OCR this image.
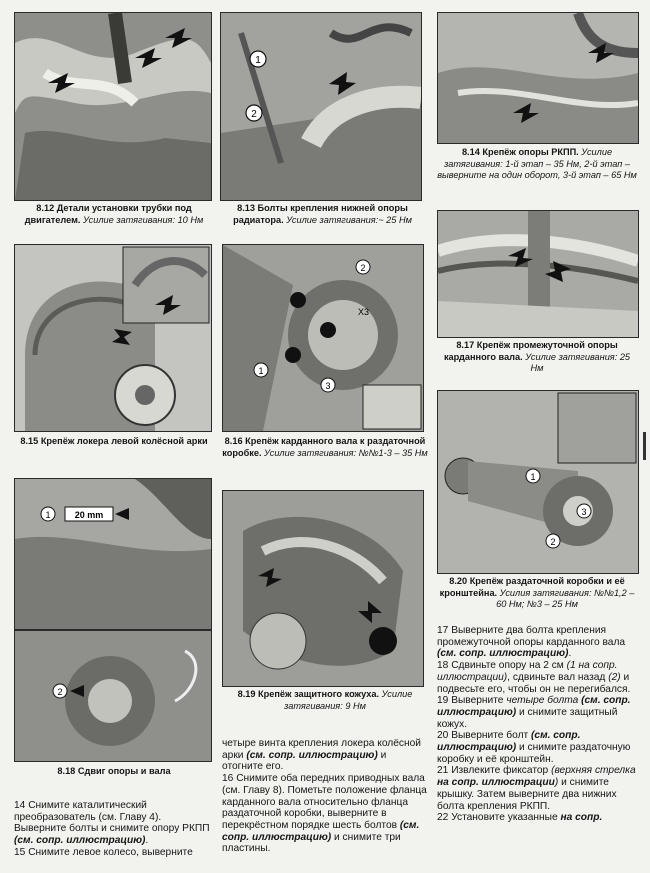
8.12 Детали установки трубки под двигателем. Усилие затягивания: 10 Нм
1
2
8.13 Болты крепления нижней опоры радиатора. Усилие затягивания:~ 25 Нм
8.14 Крепёж опоры РКПП. Усилие затягивания: 1-й этап ‒ 35 Нм, 2-й этап ‒ выверните на один оборот, 3-й этап ‒ 65 Нм
8.15 Крепёж локера левой колёсной арки
2
1
3
X3
8.16 Крепёж карданного вала к раздаточной коробке. Усилие затягивания: №№1-3 ‒ 35 Нм
8.17 Крепёж промежуточной опоры карданного вала. Усилие затягивания: 25 Нм
20 mm
1
2
8.18 Сдвиг опоры и вала
8.19 Крепёж защитного кожуха. Усилие затягивания: 9 Нм
1
2
3
8.20 Крепёж раздаточной коробки и её кронштейна. Усилия затягивания: №№1,2 ‒ 60 Нм; №3 ‒ 25 Нм

14 Снимите каталитический преобразователь (см. Главу 4). Выверните болты и снимите опору РКПП (см. сопр. иллюстрацию).

15 Снимите левое колесо, выверните

четыре винта крепления локера колёсной арки (см. сопр. иллюстрацию) и отогните его.

16 Снимите оба передних приводных вала (см. Главу 8). Пометьте положение фланца карданного вала относительно фланца раздаточной коробки, выверните в перекрёстном порядке шесть болтов (см. сопр. иллюстрацию) и снимите три пластины.

17 Выверните два болта крепления промежуточной опоры карданного вала (см. сопр. иллюстрацию).

18 Сдвиньте опору на 2 см (1 на сопр. иллюстрации), сдвиньте вал назад (2) и подвесьте его, чтобы он не перегибался.

19 Выверните четыре болта (см. сопр. иллюстрацию) и снимите защитный кожух.

20 Выверните болт (см. сопр. иллюстрацию) и снимите раздаточную коробку и её кронштейн.

21 Извлеките фиксатор (верхняя стрелка на сопр. иллюстрации) и снимите крышку. Затем выверните два нижних болта крепления РКПП.

22 Установите указанные на сопр.
